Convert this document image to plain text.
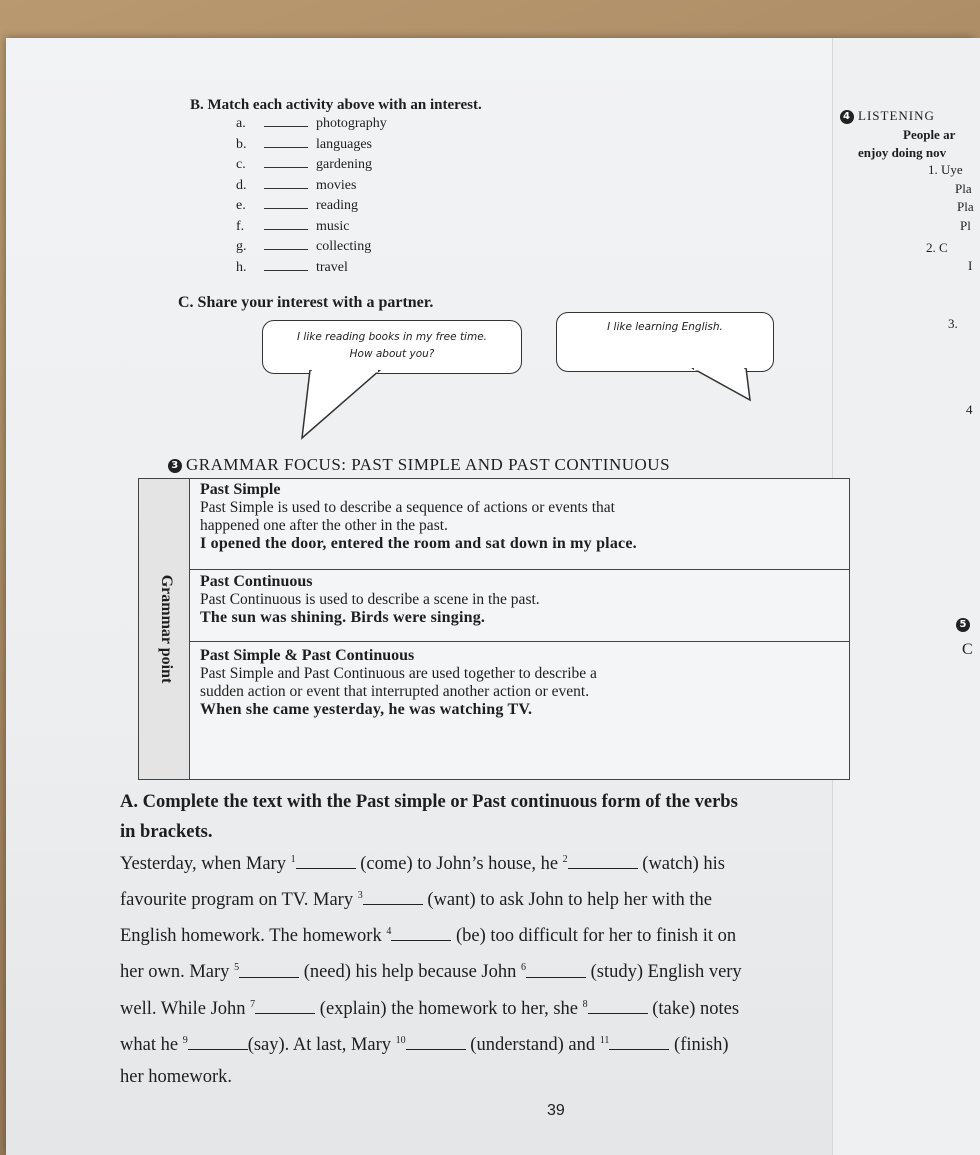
B. Match each activity above with an interest.
a.	photography
b.	languages
c.	gardening
d.	movies
e.	reading
f.	music
g.	collecting
h.	travel
C. Share your interest with a partner.
I like reading books in my free time.
How about you?
I like learning English.
4 LISTENING
People ar
enjoy doing nov
1. Uye
Pla
Pla
Pl
2. C
I
3.
4
5
C
3 GRAMMAR FOCUS: PAST SIMPLE AND PAST CONTINUOUS
Grammar point
Past Simple
Past Simple is used to describe a sequence of actions or events that
happened one after the other in the past.
I opened the door, entered the room and sat down in my place.
Past Continuous
Past Continuous is used to describe a scene in the past.
The sun was shining. Birds were singing.
Past Simple & Past Continuous
Past Simple and Past Continuous are used together to describe a
sudden action or event that interrupted another action or event.
When she came yesterday, he was watching TV.
A. Complete the text with the Past simple or Past continuous form of the verbs
in brackets.
Yesterday, when Mary $^1$	(come) to John’s house, he $^2$	(watch) his
favourite program on TV. Mary $^3$	(want) to ask John to help her with the
English homework. The homework $^4$	(be) too difficult for her to finish it on
her own. Mary $^5$	(need) his help because John $^6$	(study) English very
well. While John $^7$	(explain) the homework to her, she $^8$	(take) notes
what he $^9$	(say). At last, Mary $^{10}$	(understand) and $^{11}$	(finish)
her homework.
39
